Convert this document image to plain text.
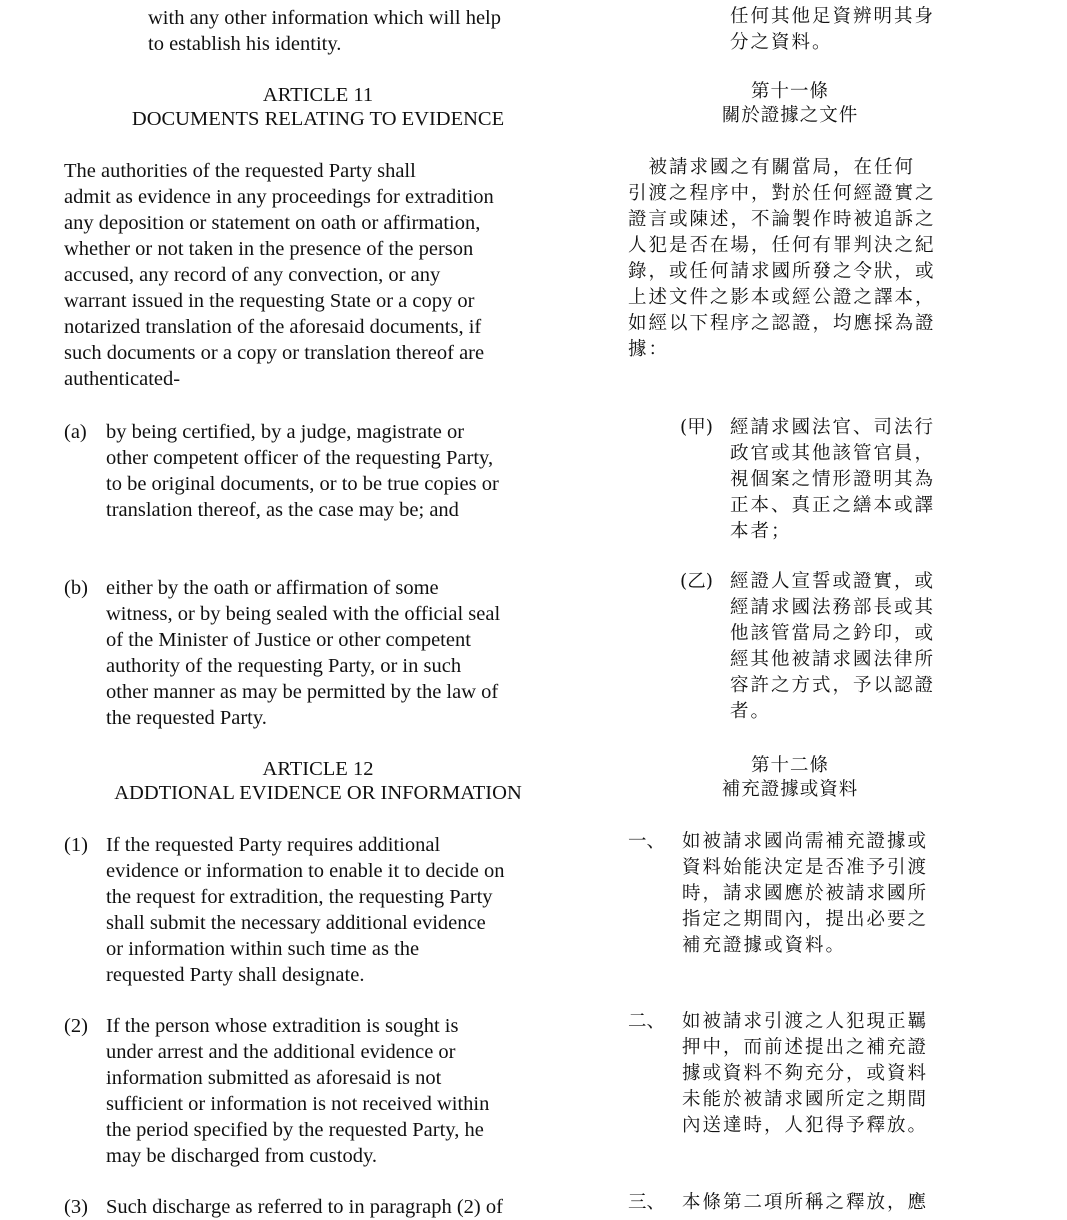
with any other information which will help
to establish his identity.

ARTICLE 11
DOCUMENTS RELATING TO EVIDENCE

The authorities of the requested Party shall
admit as evidence in any proceedings for extradition
any deposition or statement on oath or affirmation,
whether or not taken in the presence of the person
accused, any record of any convection, or any
warrant issued in the requesting State or a copy or
notarized translation of the aforesaid documents, if
such documents or a copy or translation thereof are
authenticated-

(a) by being certified, by a judge, magistrate or
other competent officer of the requesting Party,
to be original documents, or to be true copies or
translation thereof, as the case may be; and

(b) either by the oath or affirmation of some
witness, or by being sealed with the official seal
of the Minister of Justice or other competent
authority of the requesting Party, or in such
other manner as may be permitted by the law of
the requested Party.

ARTICLE 12
ADDTIONAL EVIDENCE OR INFORMATION

(1) If the requested Party requires additional
evidence or information to enable it to decide on
the request for extradition, the requesting Party
shall submit the necessary additional evidence
or information within such time as the
requested Party shall designate.

(2) If the person whose extradition is sought is
under arrest and the additional evidence or
information submitted as aforesaid is not
sufficient or information is not received within
the period specified by the requested Party, he
may be discharged from custody.

(3) Such discharge as referred to in paragraph (2) of

任何其他足資辨明其身
分之資料。

第十一條
關於證據之文件

　被請求國之有關當局，在任何
引渡之程序中，對於任何經證實之
證言或陳述，不論製作時被追訴之
人犯是否在場，任何有罪判決之紀
錄，或任何請求國所發之令狀，或
上述文件之影本或經公證之譯本，
如經以下程序之認證，均應採為證
據：

(甲) 經請求國法官、司法行
政官或其他該管官員，
視個案之情形證明其為
正本、真正之繕本或譯
本者；

(乙) 經證人宣誓或證實，或
經請求國法務部長或其
他該管當局之鈐印，或
經其他被請求國法律所
容許之方式，予以認證
者。

第十二條
補充證據或資料

一、 如被請求國尚需補充證據或
資料始能決定是否准予引渡
時，請求國應於被請求國所
指定之期間內，提出必要之
補充證據或資料。

二、 如被請求引渡之人犯現正羈
押中，而前述提出之補充證
據或資料不夠充分，或資料
未能於被請求國所定之期間
內送達時，人犯得予釋放。

三、 本條第二項所稱之釋放，應
